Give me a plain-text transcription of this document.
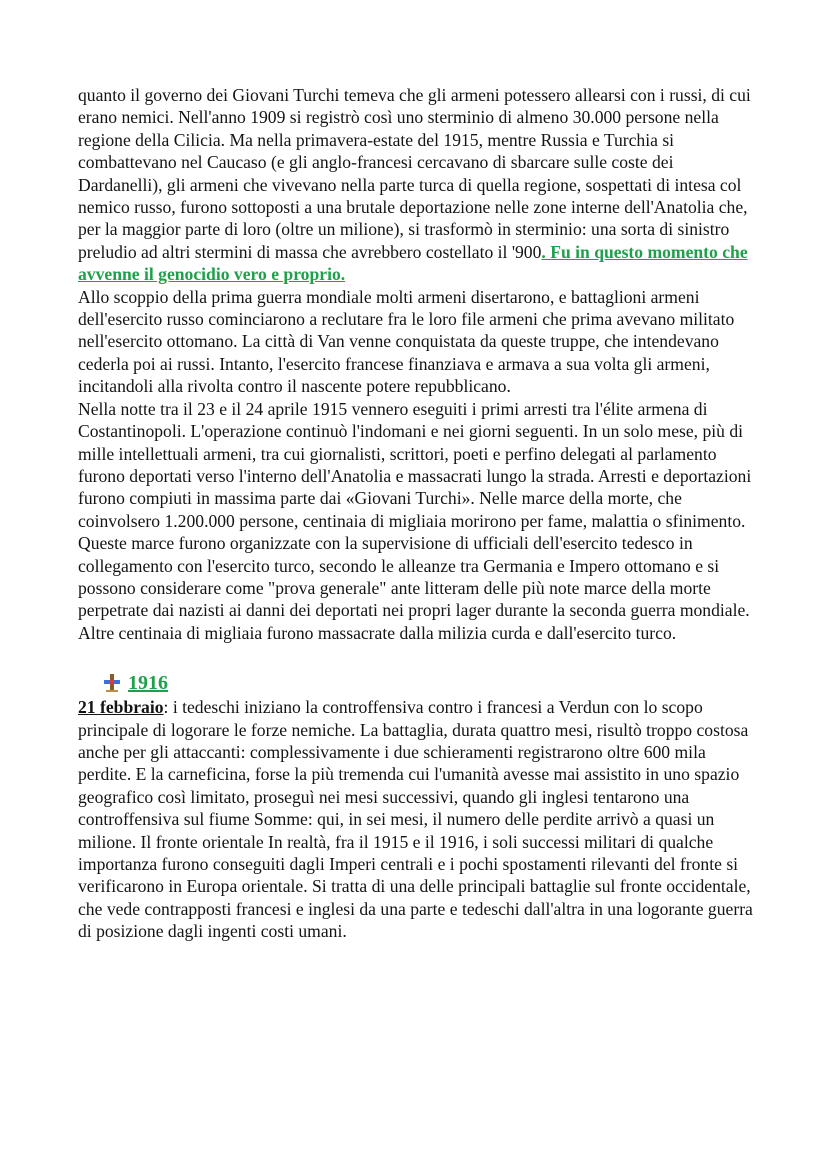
quanto il governo dei Giovani Turchi temeva che gli armeni potessero allearsi con i russi, di cui erano nemici. Nell'anno 1909 si registrò così uno sterminio di almeno 30.000 persone nella regione della Cilicia. Ma nella primavera-estate del 1915, mentre Russia e Turchia si combattevano nel Caucaso (e gli anglo-francesi cercavano di sbarcare sulle coste dei Dardanelli), gli armeni che vivevano nella parte turca di quella regione, sospettati di intesa col nemico russo, furono sottoposti a una brutale deportazione nelle zone interne dell'Anatolia che, per la maggior parte di loro (oltre un milione), si trasformò in sterminio: una sorta di sinistro preludio ad altri stermini di massa che avrebbero costellato il '900. Fu in questo momento che avvenne il genocidio vero e proprio.

Allo scoppio della prima guerra mondiale molti armeni disertarono, e battaglioni armeni dell'esercito russo cominciarono a reclutare fra le loro file armeni che prima avevano militato nell'esercito ottomano. La città di Van venne conquistata da queste truppe, che intendevano cederla poi ai russi. Intanto, l'esercito francese finanziava e armava a sua volta gli armeni, incitandoli alla rivolta contro il nascente potere repubblicano.

Nella notte tra il 23 e il 24 aprile 1915 vennero eseguiti i primi arresti tra l'élite armena di Costantinopoli. L'operazione continuò l'indomani e nei giorni seguenti. In un solo mese, più di mille intellettuali armeni, tra cui giornalisti, scrittori, poeti e perfino delegati al parlamento furono deportati verso l'interno dell'Anatolia e massacrati lungo la strada. Arresti e deportazioni furono compiuti in massima parte dai «Giovani Turchi». Nelle marce della morte, che coinvolsero 1.200.000 persone, centinaia di migliaia morirono per fame, malattia o sfinimento. Queste marce furono organizzate con la supervisione di ufficiali dell'esercito tedesco in collegamento con l'esercito turco, secondo le alleanze tra Germania e Impero ottomano e si possono considerare come "prova generale" ante litteram delle più note marce della morte perpetrate dai nazisti ai danni dei deportati nei propri lager durante la seconda guerra mondiale. Altre centinaia di migliaia furono massacrate dalla milizia curda e dall'esercito turco.

1916

21 febbraio: i tedeschi iniziano la controffensiva contro i francesi a Verdun con lo scopo principale di logorare le forze nemiche. La battaglia, durata quattro mesi, risultò troppo costosa anche per gli attaccanti: complessivamente i due schieramenti registrarono oltre 600 mila perdite. E la carneficina, forse la più tremenda cui l'umanità avesse mai assistito in uno spazio geografico così limitato, proseguì nei mesi successivi, quando gli inglesi tentarono una controffensiva sul fiume Somme: qui, in sei mesi, il numero delle perdite arrivò a quasi un milione. Il fronte orientale In realtà, fra il 1915 e il 1916, i soli successi militari di qualche importanza furono conseguiti dagli Imperi centrali e i pochi spostamenti rilevanti del fronte si verificarono in Europa orientale. Si tratta di una delle principali battaglie sul fronte occidentale, che vede contrapposti francesi e inglesi da una parte e tedeschi dall'altra in una logorante guerra di posizione dagli ingenti costi umani.
